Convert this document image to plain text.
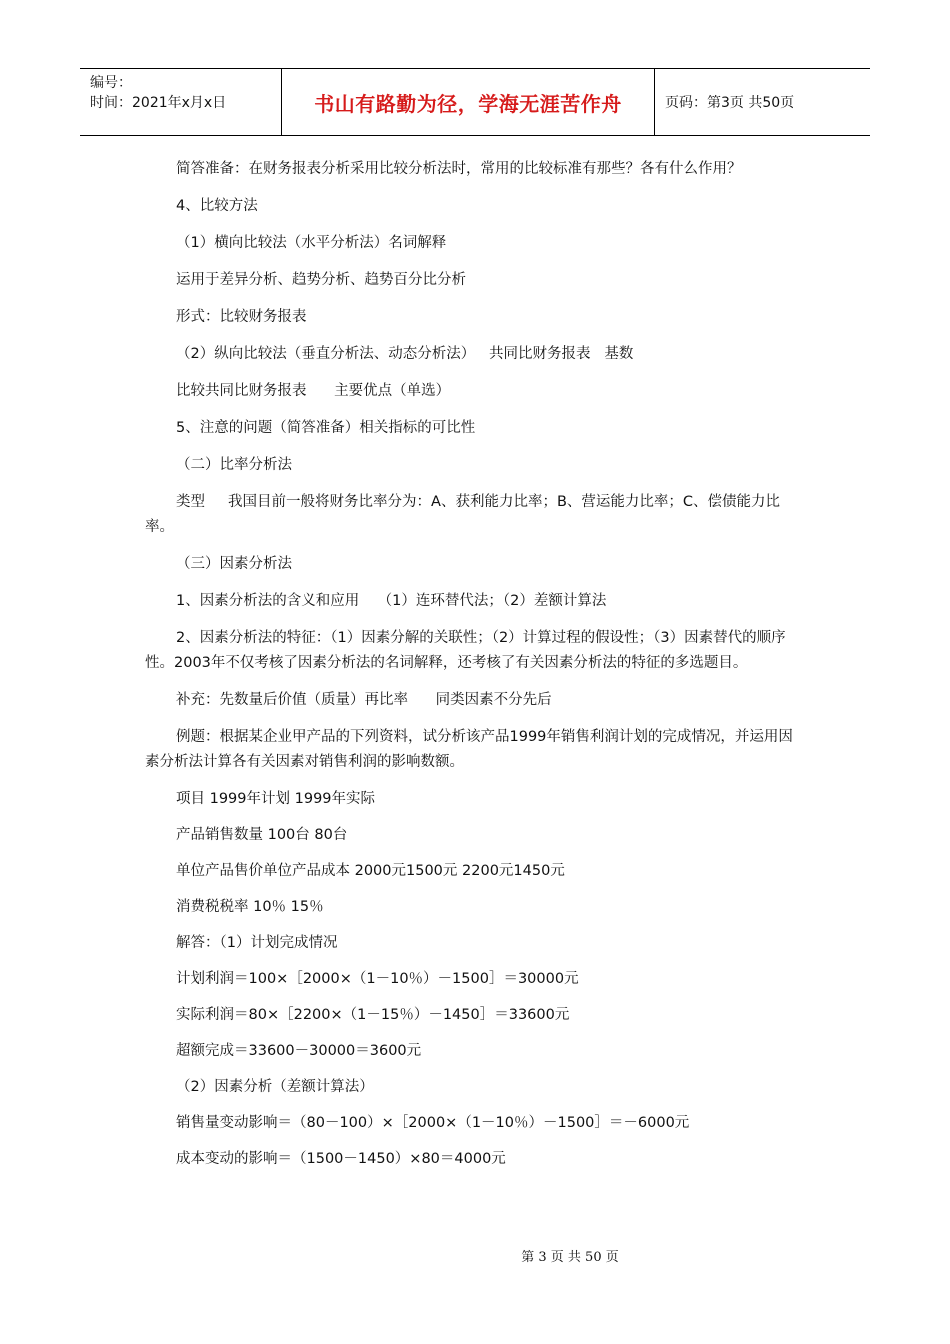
编号：
时间：2021年x月x日	书山有路勤为径，学海无涯苦作舟	页码：第3页 共50页

简答准备：在财务报表分析采用比较分析法时，常用的比较标准有那些？各有什么作用？

4、比较方法

（1）横向比较法（水平分析法）名词解释

运用于差异分析、趋势分析、趋势百分比分析

形式：比较财务报表

（2）纵向比较法（垂直分析法、动态分析法）   共同比财务报表   基数

比较共同比财务报表      主要优点（单选）

5、注意的问题（简答准备）相关指标的可比性

（二）比率分析法

类型     我国目前一般将财务比率分为：A、获利能力比率；B、营运能力比率；C、偿债能力比率。

（三）因素分析法

1、因素分析法的含义和应用    （1）连环替代法；（2）差额计算法

2、因素分析法的特征：（1）因素分解的关联性；（2）计算过程的假设性；（3）因素替代的顺序性。2003年不仅考核了因素分析法的名词解释，还考核了有关因素分析法的特征的多选题目。

补充：先数量后价值（质量）再比率      同类因素不分先后

例题：根据某企业甲产品的下列资料，试分析该产品1999年销售利润计划的完成情况，并运用因素分析法计算各有关因素对销售利润的影响数额。

项目 1999年计划 1999年实际

产品销售数量 100台 80台

单位产品售价单位产品成本 2000元1500元 2200元1450元

消费税税率 10％ 15％

解答：（1）计划完成情况

计划利润＝100×［2000×（1－10％）－1500］＝30000元

实际利润＝80×［2200×（1－15％）－1450］＝33600元

超额完成＝33600－30000＝3600元

（2）因素分析（差额计算法）

销售量变动影响＝（80－100）×［2000×（1－10％）－1500］＝－6000元

成本变动的影响＝（1500－1450）×80＝4000元

第 3 页 共 50 页
